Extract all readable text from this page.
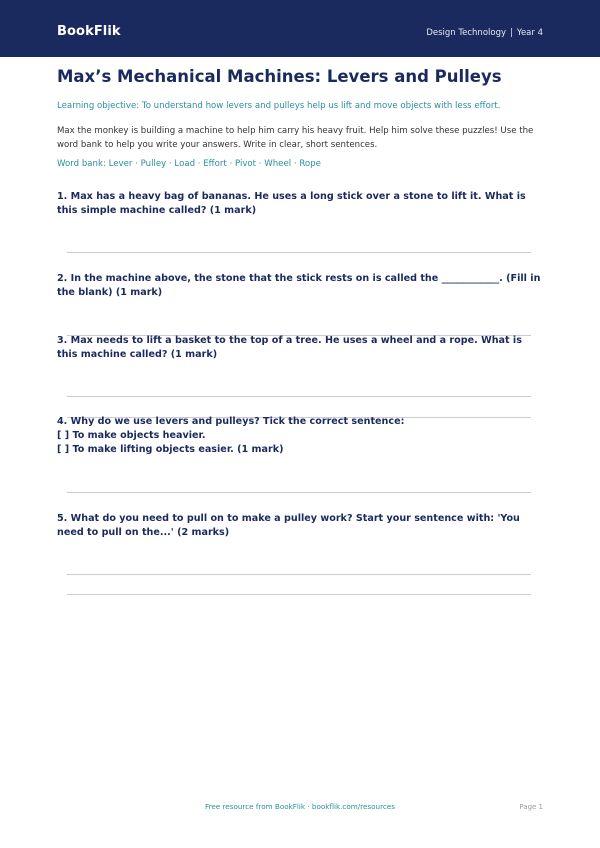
BookFlik	Design Technology | Year 4
Max’s Mechanical Machines: Levers and Pulleys

Learning objective: To understand how levers and pulleys help us lift and move objects with less effort.

Max the monkey is building a machine to help him carry his heavy fruit. Help him solve these puzzles! Use the word bank to help you write your answers. Write in clear, short sentences.

Word bank: Lever · Pulley · Load · Effort · Pivot · Wheel · Rope

1. Max has a heavy bag of bananas. He uses a long stick over a stone to lift it. What is this simple machine called? (1 mark)
2. In the machine above, the stone that the stick rests on is called the ____________. (Fill in the blank) (1 mark)
3. Max needs to lift a basket to the top of a tree. He uses a wheel and a rope. What is this machine called? (1 mark)
4. Why do we use levers and pulleys? Tick the correct sentence:
[ ] To make objects heavier.
[ ] To make lifting objects easier. (1 mark)
5. What do you need to pull on to make a pulley work? Start your sentence with: 'You need to pull on the...' (2 marks)
Free resource from BookFlik · bookflik.com/resources	Page 1
